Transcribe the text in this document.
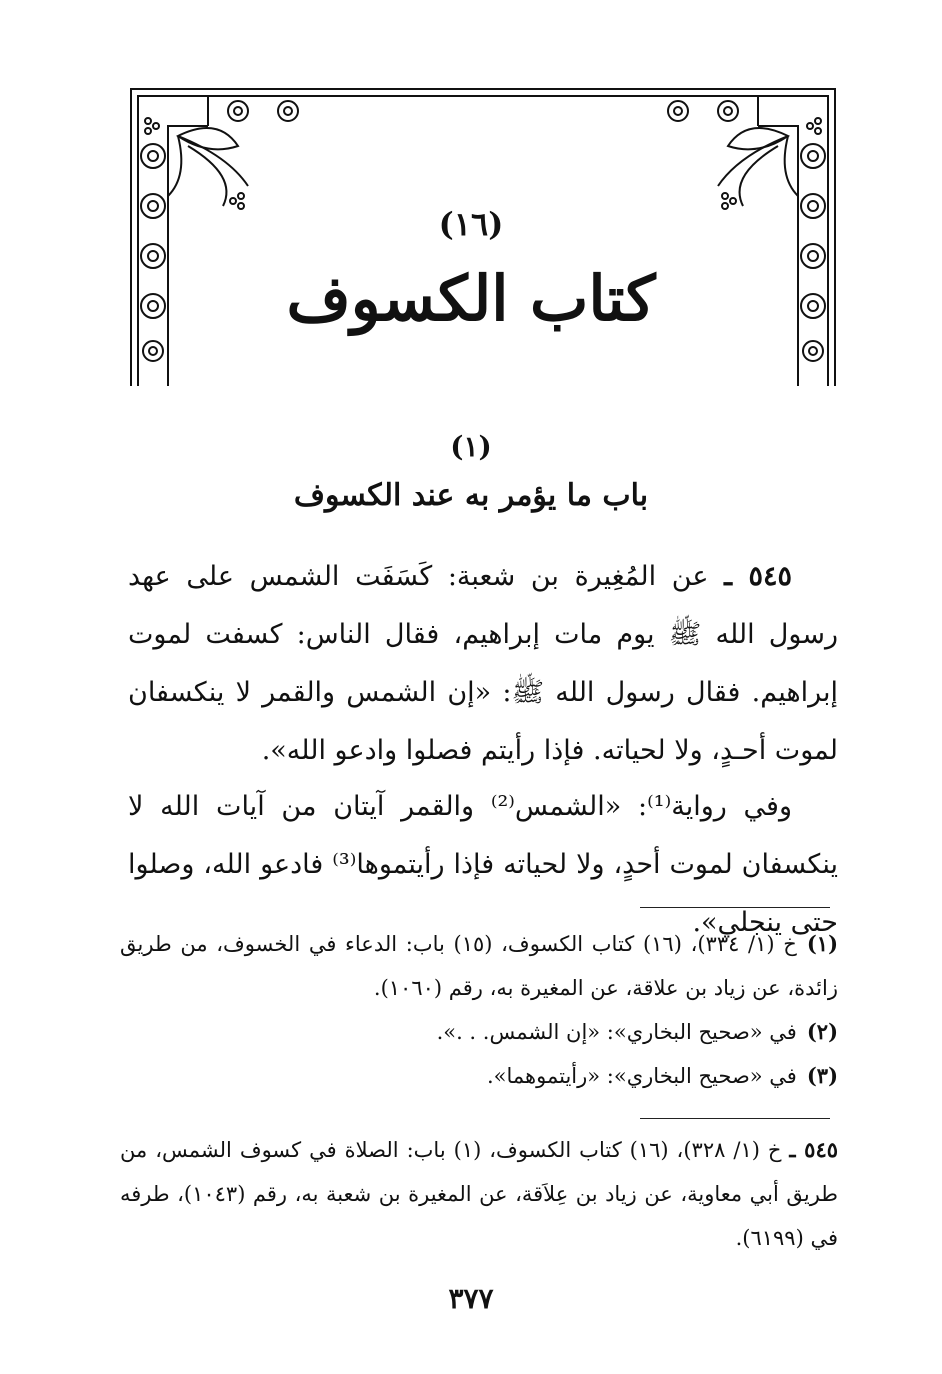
(١٦)
كتاب الكسوف
(١)
باب ما يؤمر به عند الكسوف
٥٤٥ ـ عن المُغِيرة بن شعبة: كَسَفَت الشمس على عهد رسول الله ﷺ يوم مات إبراهيم، فقال الناس: كسفت لموت إبراهيم. فقال رسول الله ﷺ: «إن الشمس والقمر لا ينكسفان لموت أحـدٍ، ولا لحياته. فإذا رأيتم فصلوا وادعو الله».
وفي رواية⁽¹⁾: «الشمس⁽²⁾ والقمر آيتان من آيات الله لا ينكسفان لموت أحدٍ، ولا لحياته فإذا رأيتموها⁽³⁾ فادعو الله، وصلوا حتى ينجلي».

(١)خ (١/ ٣٣٤)، (١٦) كتاب الكسوف، (١٥) باب: الدعاء في الخسوف، من طريق زائدة، عن زياد بن علاقة، عن المغيرة به، رقم (١٠٦٠).

(٢)في «صحيح البخاري»: «إن الشمس. . .».

(٣)في «صحيح البخاري»: «رأيتموهما».

٥٤٥ ـ خ (١/ ٣٢٨)، (١٦) كتاب الكسوف، (١) باب: الصلاة في كسوف الشمس، من طريق أبي معاوية، عن زياد بن عِلاَقة، عن المغيرة بن شعبة به، رقم (١٠٤٣)، طرفه في (٦١٩٩).

٣٧٧
